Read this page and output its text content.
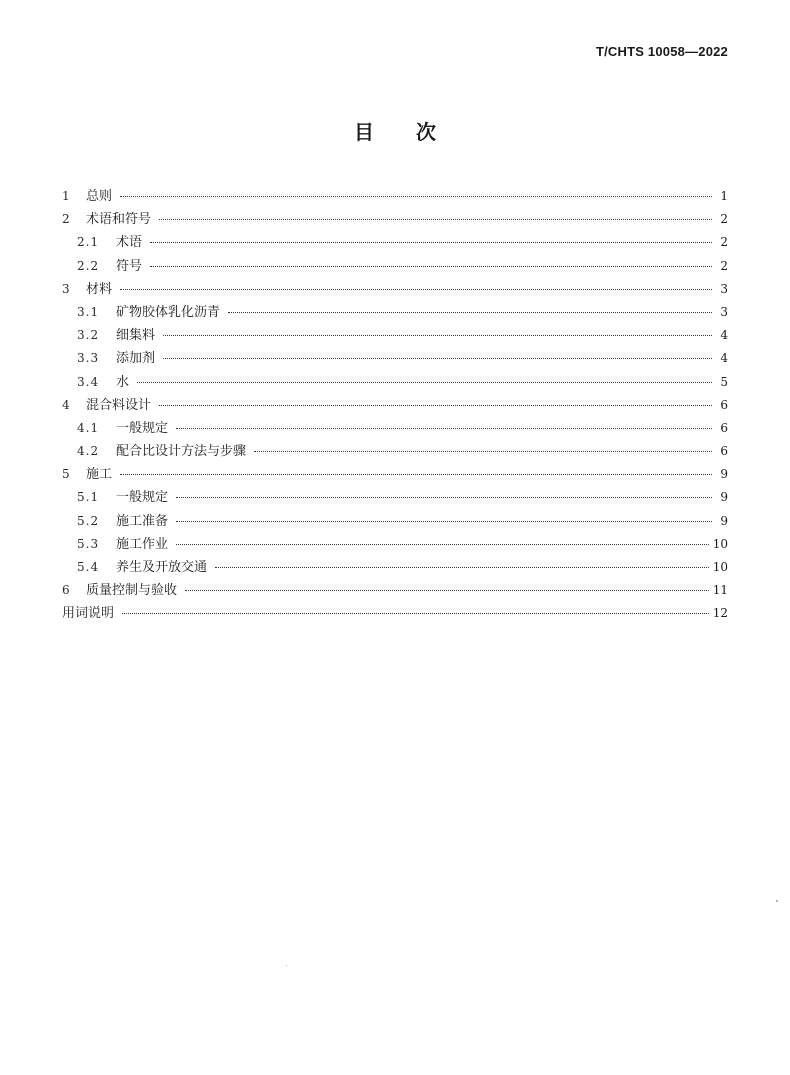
T/CHTS 10058—2022
目次
1	总则	1
2	术语和符号	2
2.1	术语	2
2.2	符号	2
3	材料	3
3.1	矿物胶体乳化沥青	3
3.2	细集料	4
3.3	添加剂	4
3.4	水	5
4	混合料设计	6
4.1	一般规定	6
4.2	配合比设计方法与步骤	6
5	施工	9
5.1	一般规定	9
5.2	施工准备	9
5.3	施工作业	10
5.4	养生及开放交通	10
6	质量控制与验收	11
用词说明	12
